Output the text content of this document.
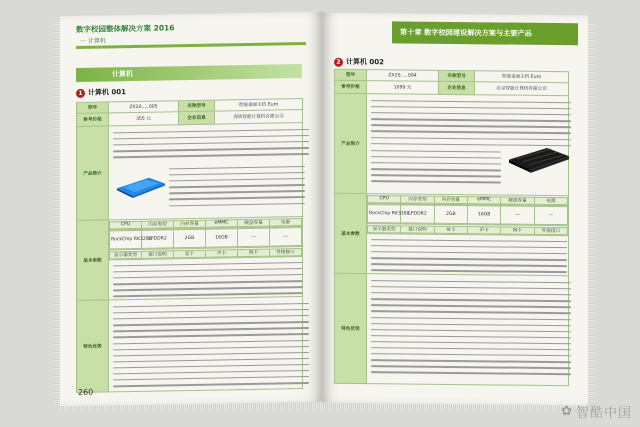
数字校园整体解决方案 2016
一 计算机
计算机
1 计算机 001
型号	ZX20.....005	名称型号	智能桌面主机 Euro
参考价格	355 元	企业信息	深圳智能计算机有限公司
产品简介	

基本参数	
CPU	内存类型	内存容量	eMMC	硬盘容量	电源

RockChip RK3288	LPDDR2	2GB	16GB	—	—

显示器类型	接口说明	显卡	声卡	网卡	外接接口

特色优势	
260
第十章 数字校园建设解决方案与主要产品
2 计算机 002
型号	ZX20.....004	名称型号	智能桌面主机 Euro
参考价格	1099 元	企业信息	北京智能计算机有限公司
产品简介	

基本参数	
CPU	内存类型	内存容量	eMMC	硬盘容量	电源

RockChip RK3288	LPDDR2	2GB	16GB	—	—

显示器类型	接口说明	显卡	声卡	网卡	外接接口

特色优势	
✿ 智酷中国
